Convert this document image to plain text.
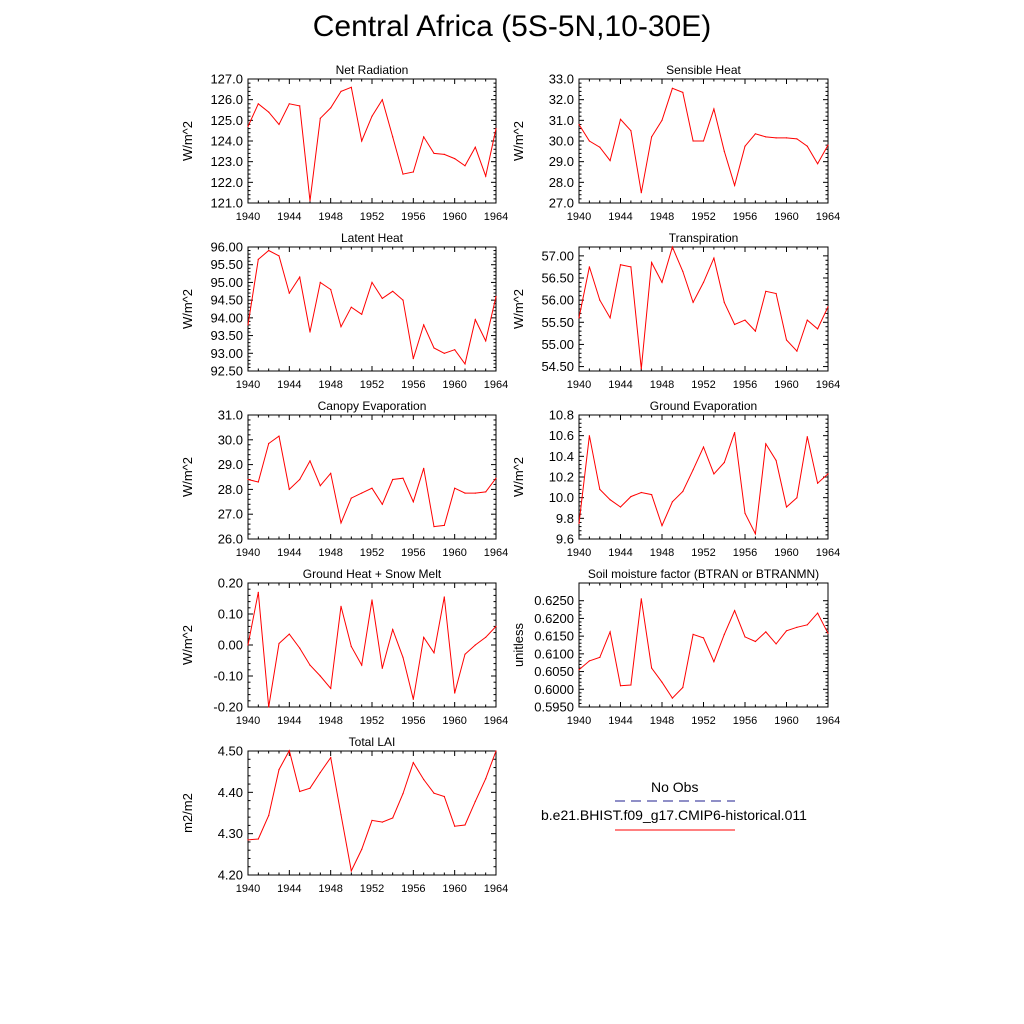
Central Africa (5S-5N,10-30E)
1940 1944 1948 1952 1956 1960 1964
121.0
122.0
123.0
124.0
125.0
126.0
127.0
Net Radiation
W/m^2
1940 1944 1948 1952 1956 1960 1964
27.0
28.0
29.0
30.0
31.0
32.0
33.0
Sensible Heat
W/m^2
1940 1944 1948 1952 1956 1960 1964
92.50
93.00
93.50
94.00
94.50
95.00
95.50
96.00
Latent Heat
W/m^2
1940 1944 1948 1952 1956 1960 1964
54.50
55.00
55.50
56.00
56.50
57.00
Transpiration
W/m^2
1940 1944 1948 1952 1956 1960 1964
26.0
27.0
28.0
29.0
30.0
31.0
Canopy Evaporation
W/m^2
1940 1944 1948 1952 1956 1960 1964
9.6
9.8
10.0
10.2
10.4
10.6
10.8
Ground Evaporation
W/m^2
1940 1944 1948 1952 1956 1960 1964
-0.20
-0.10
0.00
0.10
0.20
Ground Heat + Snow Melt
W/m^2
1940 1944 1948 1952 1956 1960 1964
0.5950
0.6000
0.6050
0.6100
0.6150
0.6200
0.6250
Soil moisture factor (BTRAN or BTRANMN)
unitless
1940 1944 1948 1952 1956 1960 1964
4.20
4.30
4.40
4.50
Total LAI
m2/m2
No Obs
b.e21.BHIST.f09_g17.CMIP6-historical.011
